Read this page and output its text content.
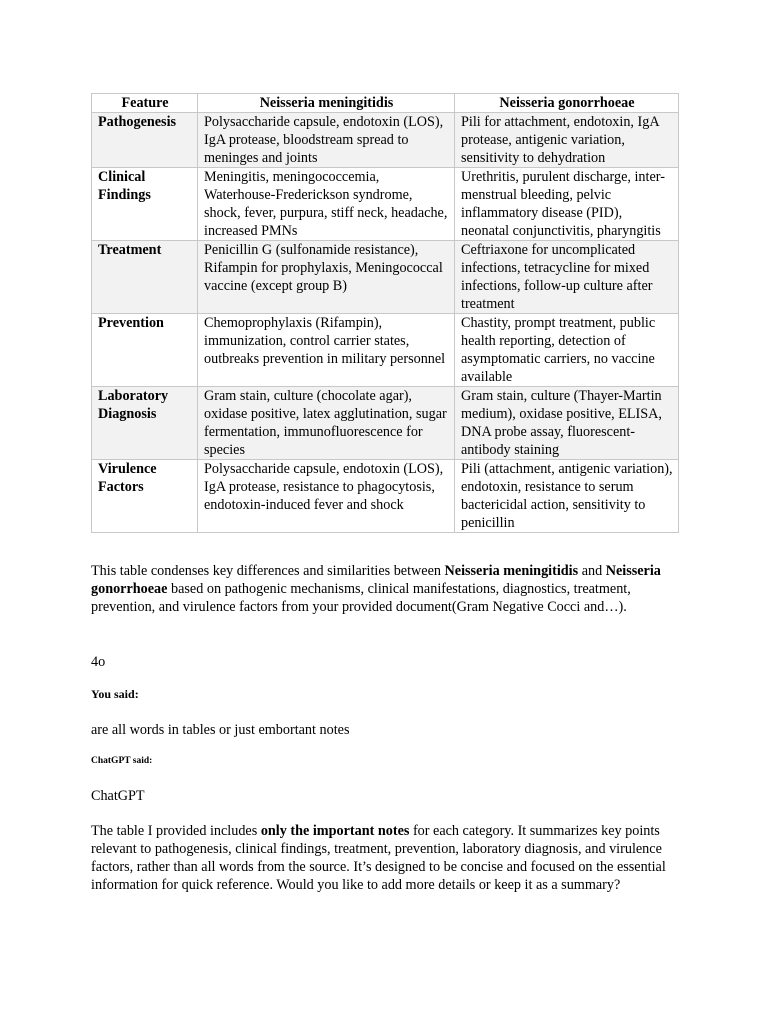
Feature	Neisseria meningitidis	Neisseria gonorrhoeae
Pathogenesis	Polysaccharide capsule, endotoxin (LOS), IgA protease, bloodstream spread to meninges and joints	Pili for attachment, endotoxin, IgA protease, antigenic variation, sensitivity to dehydration
Clinical Findings	Meningitis, meningococcemia, Waterhouse-Frederickson syndrome, shock, fever, purpura, stiff neck, headache, increased PMNs	Urethritis, purulent discharge, inter-menstrual bleeding, pelvic inflammatory disease (PID), neonatal conjunctivitis, pharyngitis
Treatment	Penicillin G (sulfonamide resistance), Rifampin for prophylaxis, Meningococcal vaccine (except group B)	Ceftriaxone for uncomplicated infections, tetracycline for mixed infections, follow-up culture after treatment
Prevention	Chemoprophylaxis (Rifampin), immunization, control carrier states, outbreaks prevention in military personnel	Chastity, prompt treatment, public health reporting, detection of asymptomatic carriers, no vaccine available
Laboratory Diagnosis	Gram stain, culture (chocolate agar), oxidase positive, latex agglutination, sugar fermentation, immunofluorescence for species	Gram stain, culture (Thayer-Martin medium), oxidase positive, ELISA, DNA probe assay, fluorescent-antibody staining
Virulence Factors	Polysaccharide capsule, endotoxin (LOS), IgA protease, resistance to phagocytosis, endotoxin-induced fever and shock	Pili (attachment, antigenic variation), endotoxin, resistance to serum bactericidal action, sensitivity to penicillin

This table condenses key differences and similarities between Neisseria meningitidis and Neisseria gonorrhoeae based on pathogenic mechanisms, clinical manifestations, diagnostics, treatment, prevention, and virulence factors from your provided document(Gram Negative Cocci and…).

4o
You said:
are all words in tables or just embortant notes
ChatGPT said:
ChatGPT

The table I provided includes only the important notes for each category. It summarizes key points relevant to pathogenesis, clinical findings, treatment, prevention, laboratory diagnosis, and virulence factors, rather than all words from the source. It’s designed to be concise and focused on the essential information for quick reference. Would you like to add more details or keep it as a summary?
